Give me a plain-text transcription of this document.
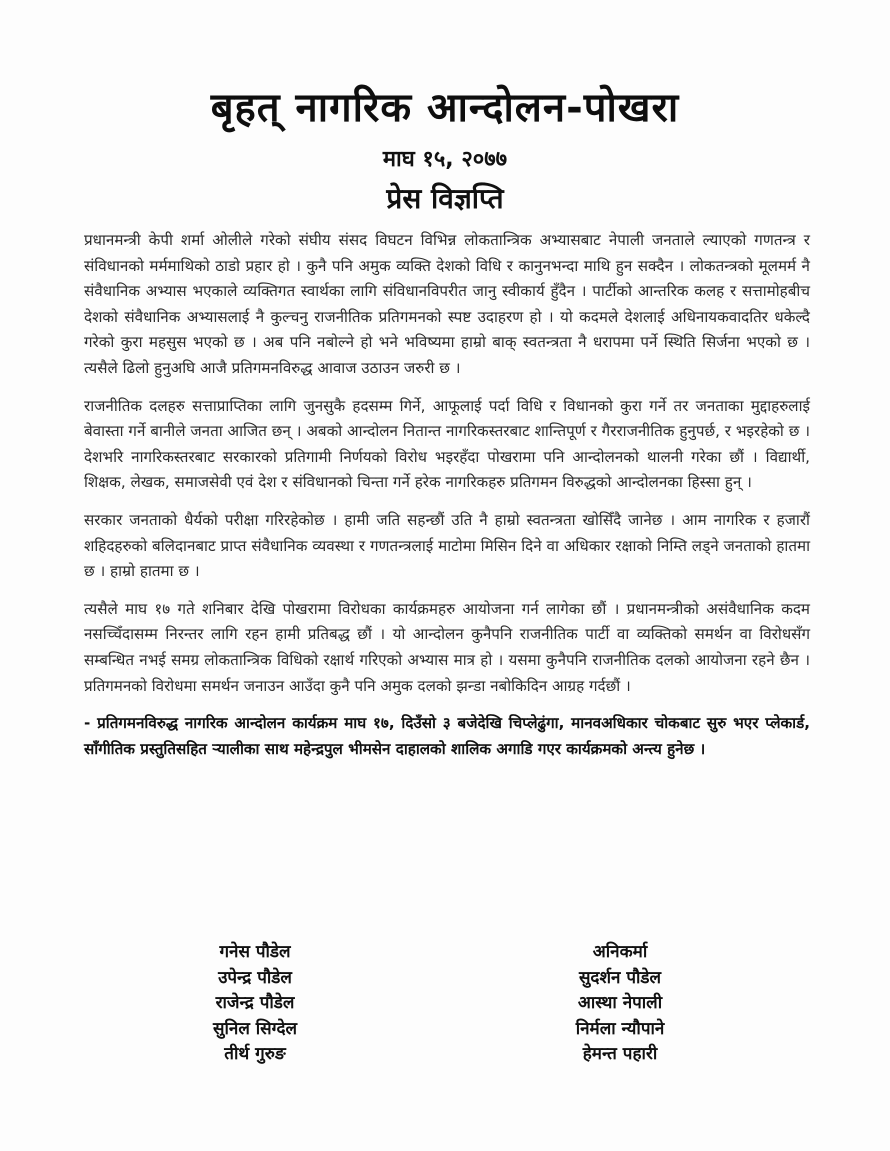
बृहत् नागरिक आन्दोलन-पोखरा
माघ १५, २०७७
प्रेस विज्ञप्ति

प्रधानमन्त्री केपी शर्मा ओलीले गरेको संघीय संसद विघटन विभिन्न लोकतान्त्रिक अभ्यासबाट नेपाली जनताले ल्याएको गणतन्त्र र संविधानको मर्ममाथिको ठाडो प्रहार हो । कुनै पनि अमुक व्यक्ति देशको विधि र कानुनभन्दा माथि हुन सक्दैन । लोकतन्त्रको मूलमर्म नै संवैधानिक अभ्यास भएकाले व्यक्तिगत स्वार्थका लागि संविधानविपरीत जानु स्वीकार्य हुँदैन । पार्टीको आन्तरिक कलह र सत्तामोहबीच देशको संवैधानिक अभ्यासलाई नै कुल्चनु राजनीतिक प्रतिगमनको स्पष्ट उदाहरण हो । यो कदमले देशलाई अधिनायकवादतिर धकेल्दै गरेको कुरा महसुस भएको छ । अब पनि नबोल्ने हो भने भविष्यमा हाम्रो बाक् स्वतन्त्रता नै धरापमा पर्ने स्थिति सिर्जना भएको छ । त्यसैले ढिलो हुनुअघि आजै प्रतिगमनविरुद्ध आवाज उठाउन जरुरी छ ।

राजनीतिक दलहरु सत्ताप्राप्तिका लागि जुनसुकै हदसम्म गिर्ने, आफूलाई पर्दा विधि र विधानको कुरा गर्ने तर जनताका मुद्दाहरुलाई बेवास्ता गर्ने बानीले जनता आजित छन् । अबको आन्दोलन नितान्त नागरिकस्तरबाट शान्तिपूर्ण र गैरराजनीतिक हुनुपर्छ, र भइरहेको छ । देशभरि नागरिकस्तरबाट सरकारको प्रतिगामी निर्णयको विरोध भइरहँदा पोखरामा पनि आन्दोलनको थालनी गरेका छौं । विद्यार्थी, शिक्षक, लेखक, समाजसेवी एवं देश र संविधानको चिन्ता गर्ने हरेक नागरिकहरु प्रतिगमन विरुद्धको आन्दोलनका हिस्सा हुन् ।

सरकार जनताको धैर्यको परीक्षा गरिरहेकोछ । हामी जति सहन्छौं उति नै हाम्रो स्वतन्त्रता खोसिँदै जानेछ । आम नागरिक र हजारौं शहिदहरुको बलिदानबाट प्राप्त संवैधानिक व्यवस्था र गणतन्त्रलाई माटोमा मिसिन दिने वा अधिकार रक्षाको निम्ति लड्ने जनताको हातमा छ । हाम्रो हातमा छ ।

त्यसैले माघ १७ गते शनिबार देखि पोखरामा विरोधका कार्यक्रमहरु आयोजना गर्न लागेका छौं । प्रधानमन्त्रीको असंवैधानिक कदम नसच्चिँदासम्म निरन्तर लागि रहन हामी प्रतिबद्ध छौं । यो आन्दोलन कुनैपनि राजनीतिक पार्टी वा व्यक्तिको समर्थन वा विरोधसँग सम्बन्धित नभई समग्र लोकतान्त्रिक विधिको रक्षार्थ गरिएको अभ्यास मात्र हो । यसमा कुनैपनि राजनीतिक दलको आयोजना रहने छैन । प्रतिगमनको विरोधमा समर्थन जनाउन आउँदा कुनै पनि अमुक दलको झन्डा नबोकिदिन आग्रह गर्दछौं ।

- प्रतिगमनविरुद्ध नागरिक आन्दोलन कार्यक्रम माघ १७, दिउँसो ३ बजेदेखि चिप्लेढुंगा, मानवअधिकार चोकबाट सुरु भएर प्लेकार्ड, साँगीतिक प्रस्तुतिसहित र्‍यालीका साथ महेन्द्रपुल भीमसेन दाहालको शालिक अगाडि गएर कार्यक्रमको अन्त्य हुनेछ ।

गनेस पौडेल
उपेन्द्र पौडेल
राजेन्द्र पौडेल
सुनिल सिग्देल
तीर्थ गुरुङ
अनिकर्मा
सुदर्शन पौडेल
आस्था नेपाली
निर्मला न्यौपाने
हेमन्त पहारी
